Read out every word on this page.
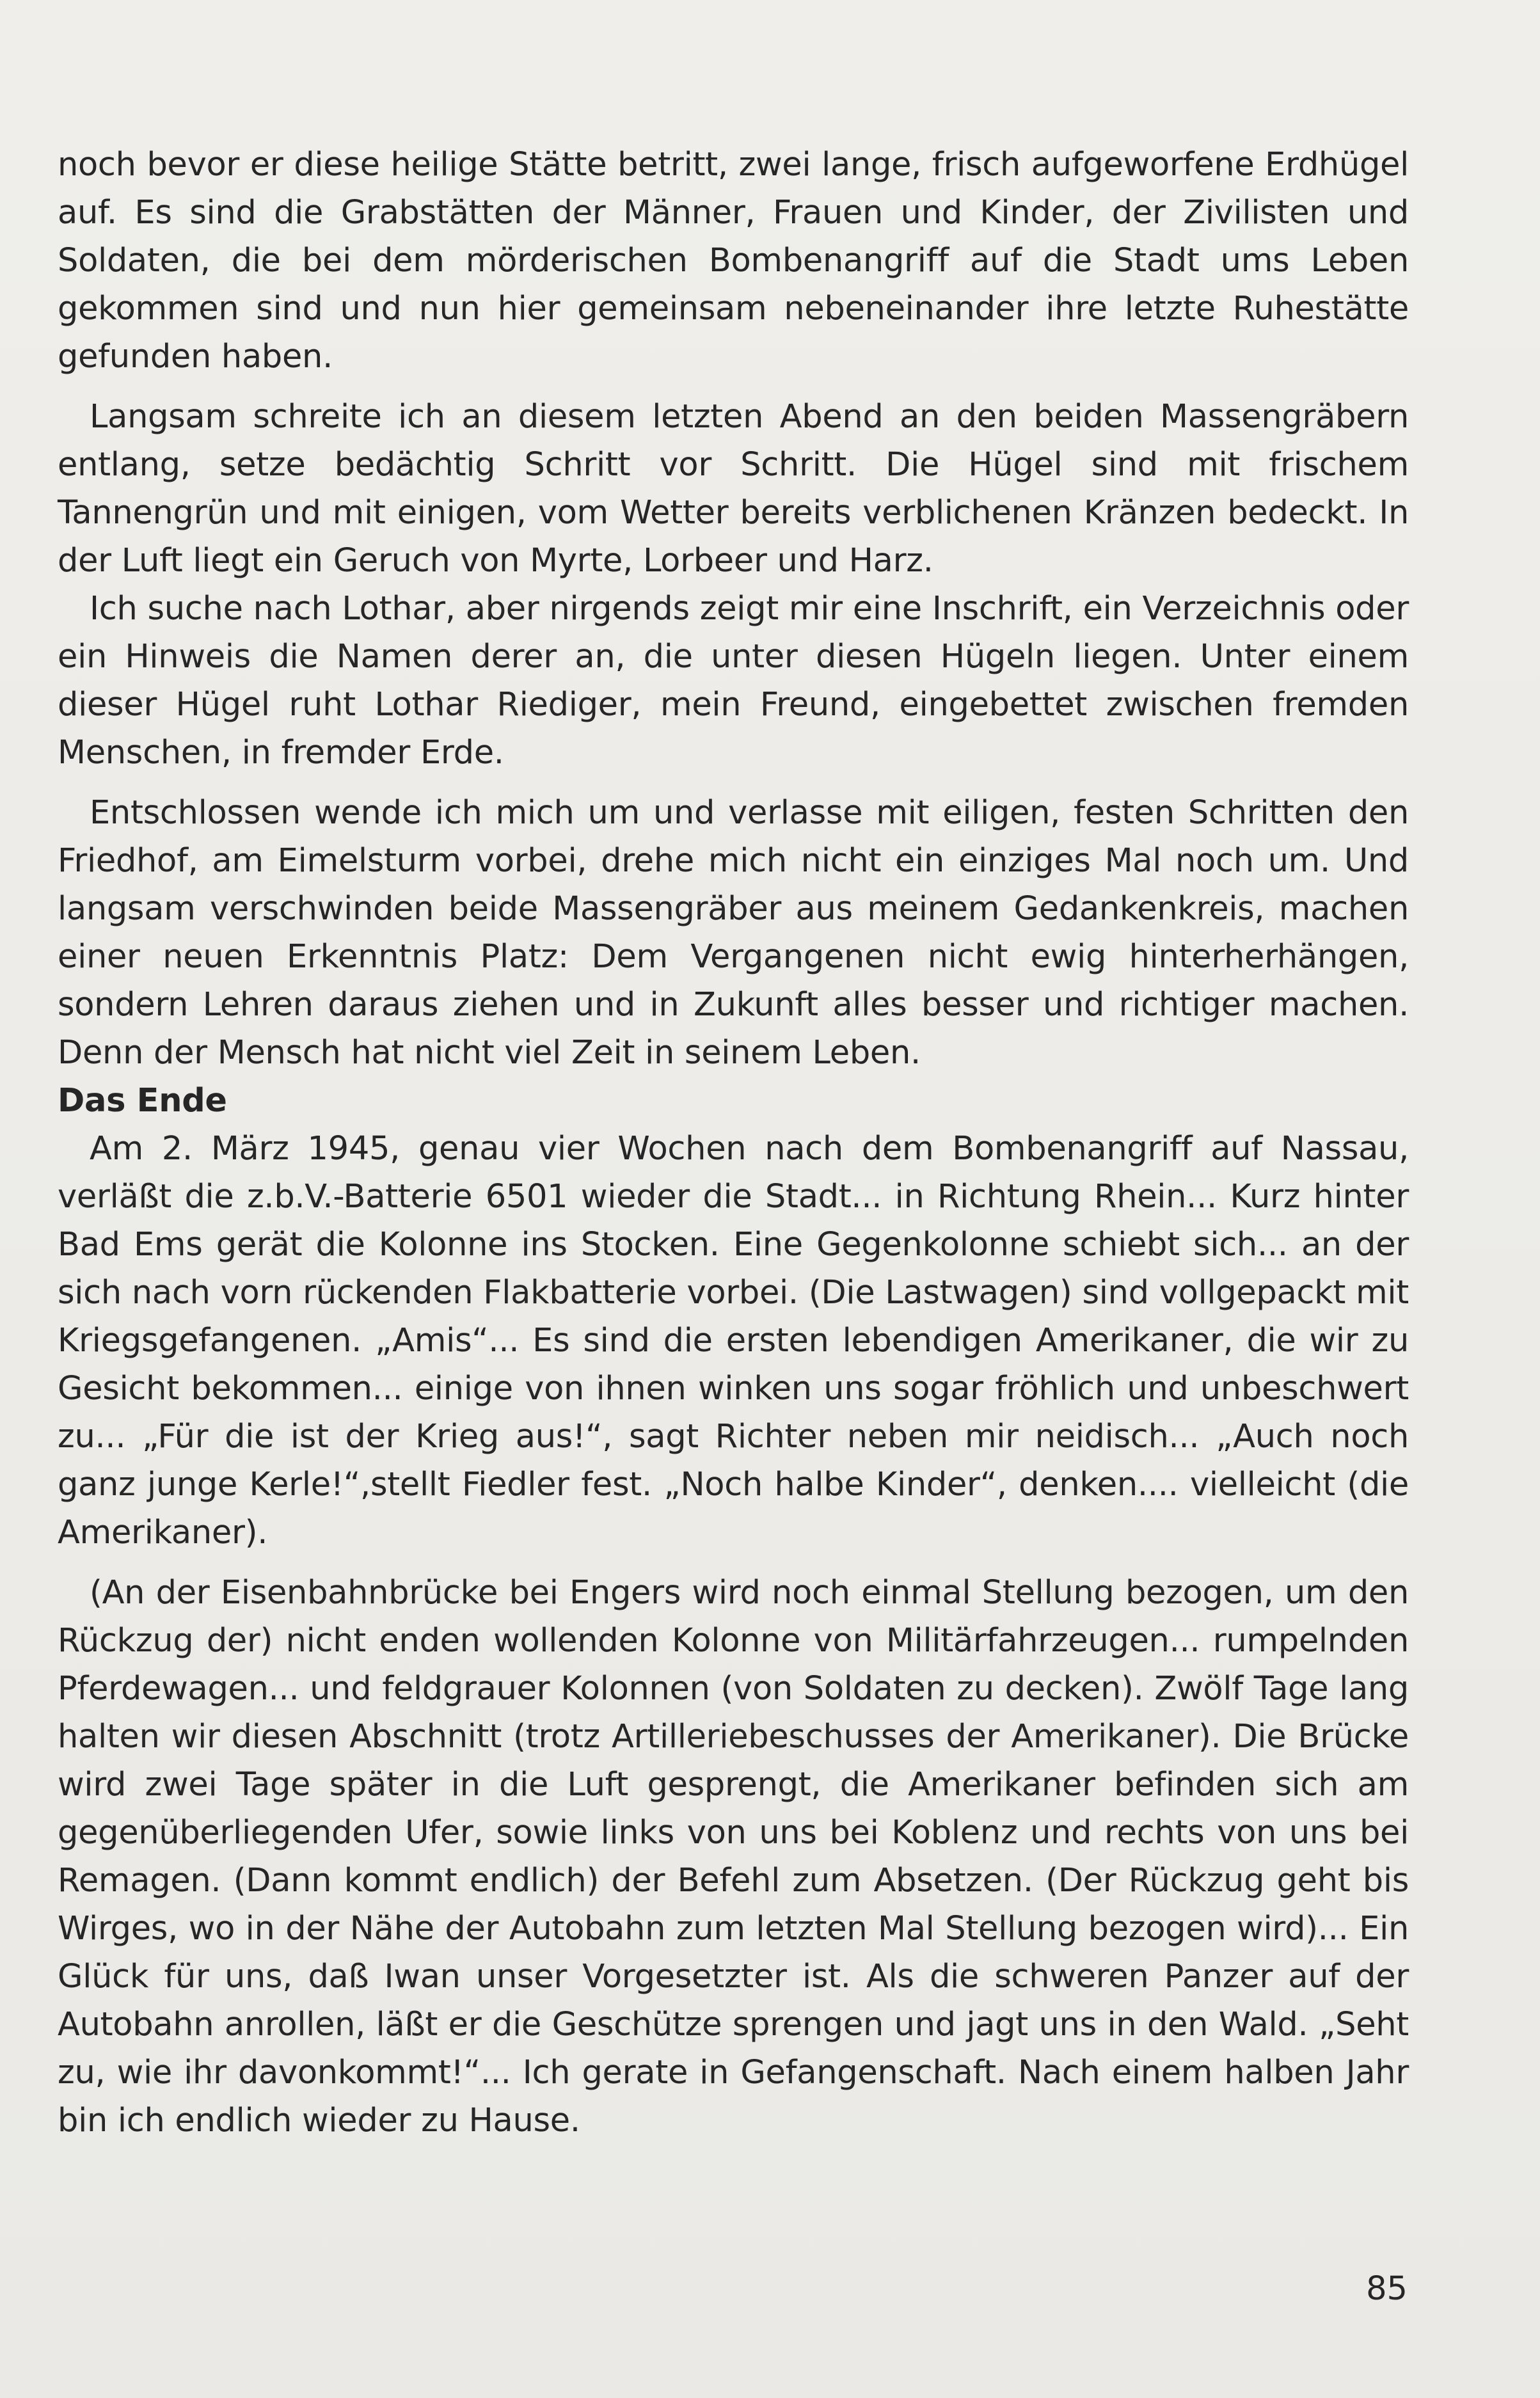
noch bevor er diese heilige Stätte betritt, zwei lange, frisch aufgeworfene Erdhügel auf. Es sind die Grabstätten der Männer, Frauen und Kinder, der Zivilisten und Soldaten, die bei dem mörderischen Bombenangriff auf die Stadt ums Leben gekommen sind und nun hier gemeinsam nebeneinander ihre letzte Ruhestätte gefunden haben.

Langsam schreite ich an diesem letzten Abend an den beiden Massengräbern entlang, setze bedächtig Schritt vor Schritt. Die Hügel sind mit frischem Tannengrün und mit einigen, vom Wetter bereits verblichenen Kränzen bedeckt. In der Luft liegt ein Geruch von Myrte, Lorbeer und Harz.

Ich suche nach Lothar, aber nirgends zeigt mir eine Inschrift, ein Verzeichnis oder ein Hinweis die Namen derer an, die unter diesen Hügeln liegen. Unter einem dieser Hügel ruht Lothar Riediger, mein Freund, eingebettet zwischen fremden Menschen, in fremder Erde.

Entschlossen wende ich mich um und verlasse mit eiligen, festen Schritten den Friedhof, am Eimelsturm vorbei, drehe mich nicht ein einziges Mal noch um. Und langsam verschwinden beide Massengräber aus meinem Gedankenkreis, machen einer neuen Erkenntnis Platz: Dem Vergangenen nicht ewig hinterherhängen, sondern Lehren daraus ziehen und in Zukunft alles besser und richtiger machen. Denn der Mensch hat nicht viel Zeit in seinem Leben.

Das Ende

Am 2. März 1945, genau vier Wochen nach dem Bombenangriff auf Nassau, verläßt die z.b.V.-Batterie 6501 wieder die Stadt... in Richtung Rhein... Kurz hinter Bad Ems gerät die Kolonne ins Stocken. Eine Gegenkolonne schiebt sich... an der sich nach vorn rückenden Flakbatterie vorbei. (Die Lastwagen) sind vollgepackt mit Kriegsgefangenen. „Amis“... Es sind die ersten lebendigen Amerikaner, die wir zu Gesicht bekommen... einige von ihnen winken uns sogar fröhlich und unbeschwert zu... „Für die ist der Krieg aus!“, sagt Richter neben mir neidisch... „Auch noch ganz junge Kerle!“,stellt Fiedler fest. „Noch halbe Kinder“, denken.... vielleicht (die Amerikaner).

(An der Eisenbahnbrücke bei Engers wird noch einmal Stellung bezogen, um den Rückzug der) nicht enden wollenden Kolonne von Militärfahrzeugen... rumpelnden Pferdewagen... und feldgrauer Kolonnen (von Soldaten zu decken). Zwölf Tage lang halten wir diesen Abschnitt (trotz Artilleriebeschusses der Amerikaner). Die Brücke wird zwei Tage später in die Luft gesprengt, die Amerikaner befinden sich am gegenüberliegenden Ufer, sowie links von uns bei Koblenz und rechts von uns bei Remagen. (Dann kommt endlich) der Befehl zum Absetzen. (Der Rückzug geht bis Wirges, wo in der Nähe der Autobahn zum letzten Mal Stellung bezogen wird)... Ein Glück für uns, daß Iwan unser Vorgesetzter ist. Als die schweren Panzer auf der Autobahn anrollen, läßt er die Geschütze sprengen und jagt uns in den Wald. „Seht zu, wie ihr davonkommt!“... Ich gerate in Gefangenschaft. Nach einem halben Jahr bin ich endlich wieder zu Hause.

85
